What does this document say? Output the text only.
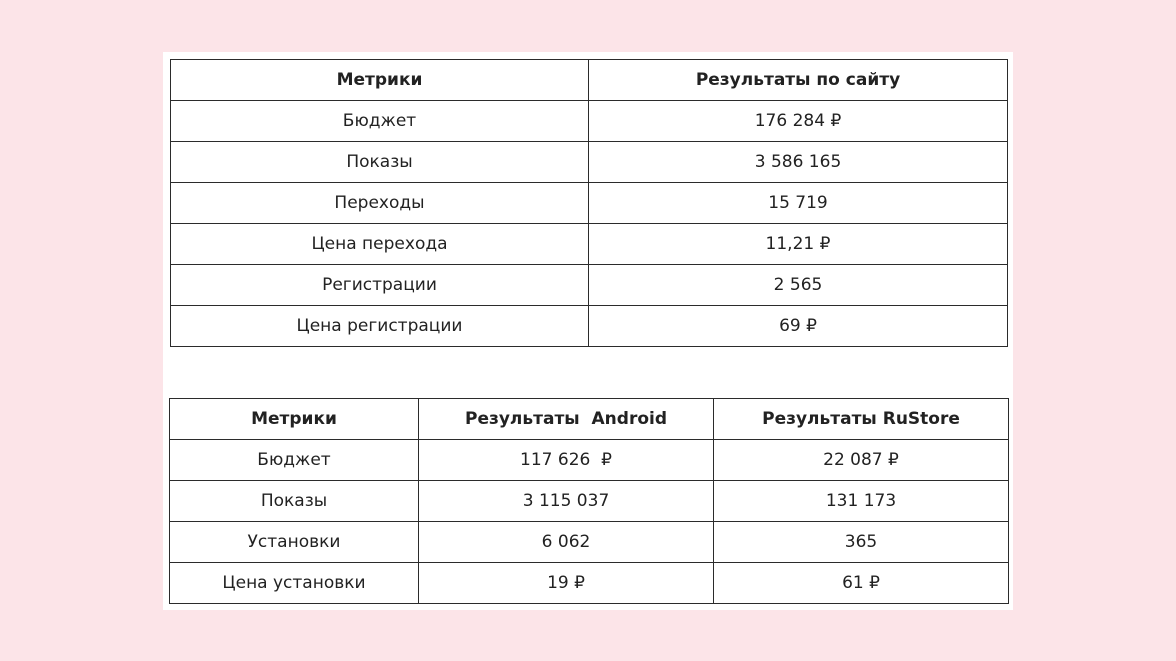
Метрики	Результаты по сайту
Бюджет	176 284 ₽
Показы	3 586 165
Переходы	15 719
Цена перехода	11,21 ₽
Регистрации	2 565
Цена регистрации	69 ₽
Метрики	Результаты  Android	Результаты RuStore
Бюджет	117 626  ₽	22 087 ₽
Показы	3 115 037	131 173
Установки	6 062	365
Цена установки	19 ₽	61 ₽
